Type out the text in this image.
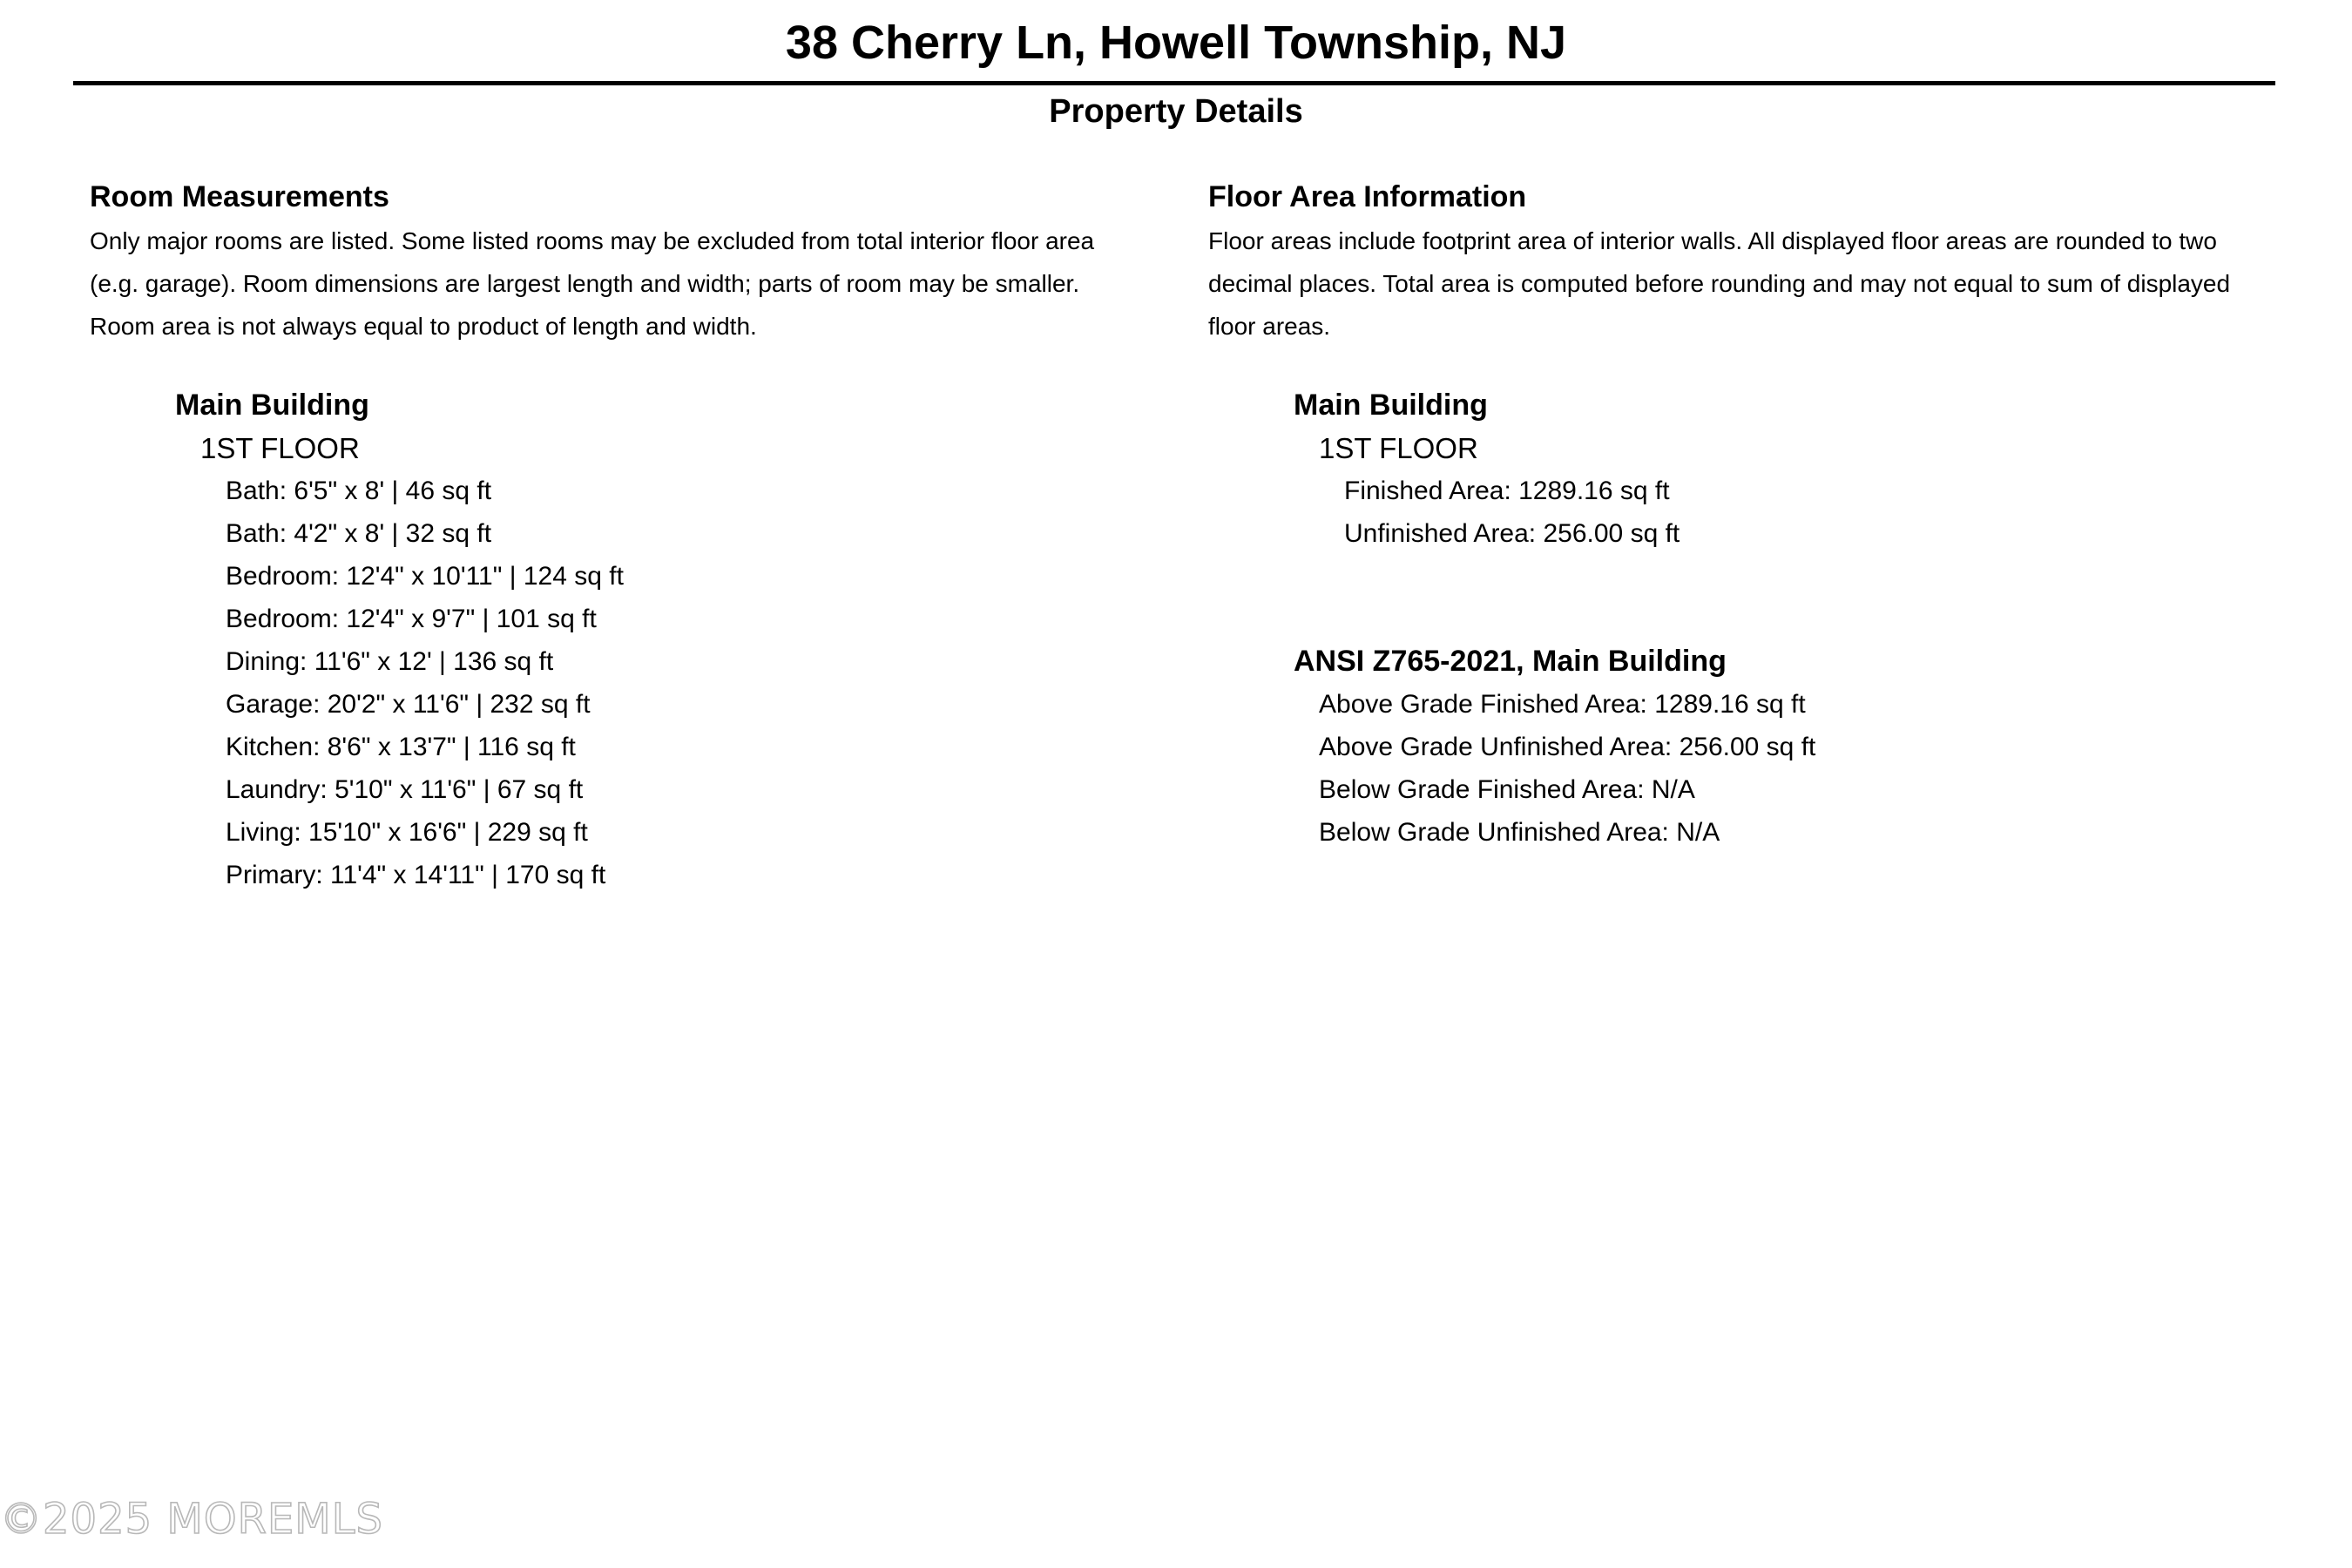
38 Cherry Ln, Howell Township, NJ
Property Details
Room Measurements
Only major rooms are listed. Some listed rooms may be excluded from total interior floor area
(e.g. garage). Room dimensions are largest length and width; parts of room may be smaller.
Room area is not always equal to product of length and width.
Main Building
1ST FLOOR
Bath: 6'5" x 8' | 46 sq ft
Bath: 4'2" x 8' | 32 sq ft
Bedroom: 12'4" x 10'11" | 124 sq ft
Bedroom: 12'4" x 9'7" | 101 sq ft
Dining: 11'6" x 12' | 136 sq ft
Garage: 20'2" x 11'6" | 232 sq ft
Kitchen: 8'6" x 13'7" | 116 sq ft
Laundry: 5'10" x 11'6" | 67 sq ft
Living: 15'10" x 16'6" | 229 sq ft
Primary: 11'4" x 14'11" | 170 sq ft
Floor Area Information
Floor areas include footprint area of interior walls. All displayed floor areas are rounded to two
decimal places. Total area is computed before rounding and may not equal to sum of displayed
floor areas.
Main Building
1ST FLOOR
Finished Area: 1289.16 sq ft
Unfinished Area: 256.00 sq ft
ANSI Z765-2021, Main Building
Above Grade Finished Area: 1289.16 sq ft
Above Grade Unfinished Area: 256.00 sq ft
Below Grade Finished Area: N/A
Below Grade Unfinished Area: N/A
©2025 MOREMLS
